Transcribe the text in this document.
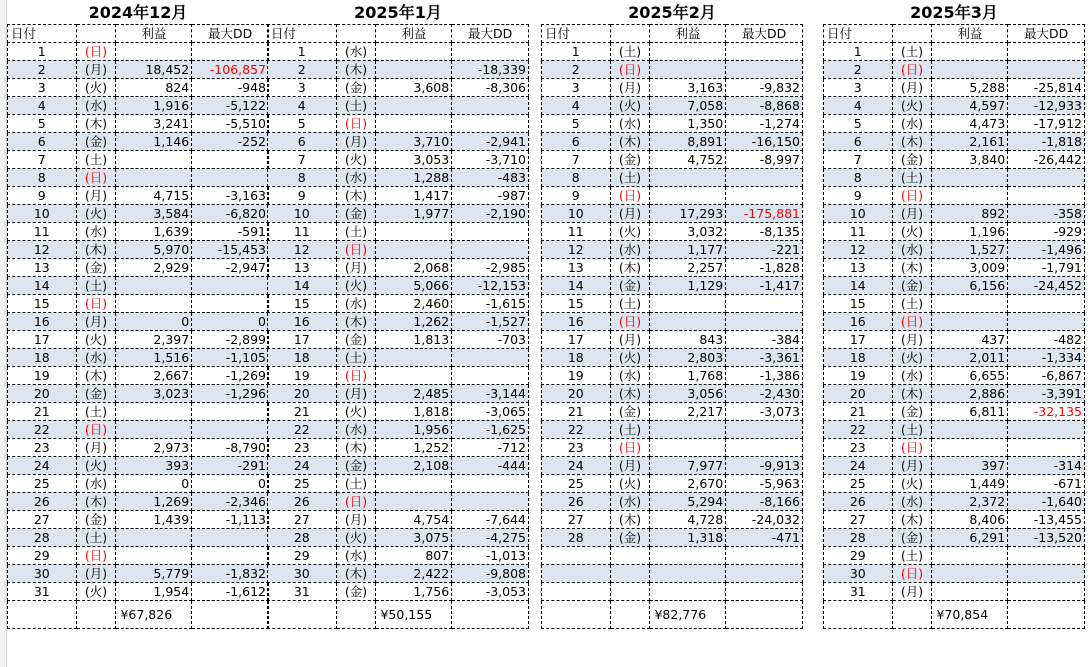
2024年12月
日付		利益	最大DD
1	(日)		
2	(月)	18,452	-106,857
3	(火)	824	-948
4	(水)	1,916	-5,122
5	(木)	3,241	-5,510
6	(金)	1,146	-252
7	(土)		
8	(日)		
9	(月)	4,715	-3,163
10	(火)	3,584	-6,820
11	(水)	1,639	-591
12	(木)	5,970	-15,453
13	(金)	2,929	-2,947
14	(土)		
15	(日)		
16	(月)	0	0
17	(火)	2,397	-2,899
18	(水)	1,516	-1,105
19	(木)	2,667	-1,269
20	(金)	3,023	-1,296
21	(土)		
22	(日)		
23	(月)	2,973	-8,790
24	(火)	393	-291
25	(水)	0	0
26	(木)	1,269	-2,346
27	(金)	1,439	-1,113
28	(土)		
29	(日)		
30	(月)	5,779	-1,832
31	(火)	1,954	-1,612
		¥67,826	
2025年1月
日付		利益	最大DD
1	(水)		
2	(木)		-18,339
3	(金)	3,608	-8,306
4	(土)		
5	(日)		
6	(月)	3,710	-2,941
7	(火)	3,053	-3,710
8	(水)	1,288	-483
9	(木)	1,417	-987
10	(金)	1,977	-2,190
11	(土)		
12	(日)		
13	(月)	2,068	-2,985
14	(火)	5,066	-12,153
15	(水)	2,460	-1,615
16	(木)	1,262	-1,527
17	(金)	1,813	-703
18	(土)		
19	(日)		
20	(月)	2,485	-3,144
21	(火)	1,818	-3,065
22	(水)	1,956	-1,625
23	(木)	1,252	-712
24	(金)	2,108	-444
25	(土)		
26	(日)		
27	(月)	4,754	-7,644
28	(火)	3,075	-4,275
29	(水)	807	-1,013
30	(木)	2,422	-9,808
31	(金)	1,756	-3,053
		¥50,155	
2025年2月
日付		利益	最大DD
1	(土)		
2	(日)		
3	(月)	3,163	-9,832
4	(火)	7,058	-8,868
5	(水)	1,350	-1,274
6	(木)	8,891	-16,150
7	(金)	4,752	-8,997
8	(土)		
9	(日)		
10	(月)	17,293	-175,881
11	(火)	3,032	-8,135
12	(水)	1,177	-221
13	(木)	2,257	-1,828
14	(金)	1,129	-1,417
15	(土)		
16	(日)		
17	(月)	843	-384
18	(火)	2,803	-3,361
19	(水)	1,768	-1,386
20	(木)	3,056	-2,430
21	(金)	2,217	-3,073
22	(土)		
23	(日)		
24	(月)	7,977	-9,913
25	(火)	2,670	-5,963
26	(水)	5,294	-8,166
27	(木)	4,728	-24,032
28	(金)	1,318	-471

		¥82,776	
2025年3月
日付		利益	最大DD
1	(土)		
2	(日)		
3	(月)	5,288	-25,814
4	(火)	4,597	-12,933
5	(水)	4,473	-17,912
6	(木)	2,161	-1,818
7	(金)	3,840	-26,442
8	(土)		
9	(日)		
10	(月)	892	-358
11	(火)	1,196	-929
12	(水)	1,527	-1,496
13	(木)	3,009	-1,791
14	(金)	6,156	-24,452
15	(土)		
16	(日)		
17	(月)	437	-482
18	(火)	2,011	-1,334
19	(水)	6,655	-6,867
20	(木)	2,886	-3,391
21	(金)	6,811	-32,135
22	(土)		
23	(日)		
24	(月)	397	-314
25	(火)	1,449	-671
26	(水)	2,372	-1,640
27	(木)	8,406	-13,455
28	(金)	6,291	-13,520
29	(土)		
30	(日)		
31	(月)		
		¥70,854	
